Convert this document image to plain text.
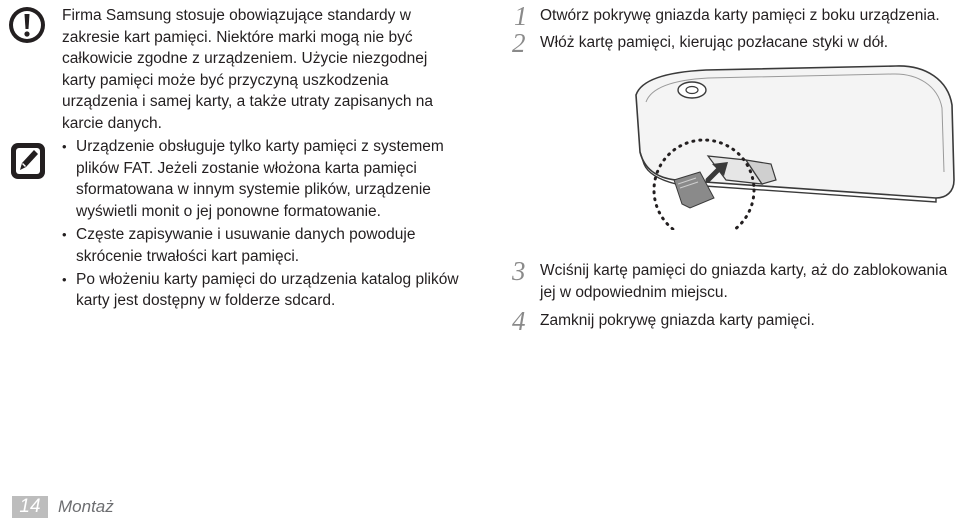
Firma Samsung stosuje obowiązujące standardy w zakresie kart pamięci. Niektóre marki mogą nie być całkowicie zgodne z urządzeniem. Użycie niezgodnej karty pamięci może być przyczyną uszkodzenia urządzenia i samej karty, a także utraty zapisanych na karcie danych.
• Urządzenie obsługuje tylko karty pamięci z systemem plików FAT. Jeżeli zostanie włożona karta pamięci sformatowana w innym systemie plików, urządzenie wyświetli monit o jej ponowne formatowanie.
• Częste zapisywanie i usuwanie danych powoduje skrócenie trwałości kart pamięci.
• Po włożeniu karty pamięci do urządzenia katalog plików karty jest dostępny w folderze sdcard.
1 Otwórz pokrywę gniazda karty pamięci z boku urządzenia.
2 Włóż kartę pamięci, kierując pozłacane styki w dół.
3 Wciśnij kartę pamięci do gniazda karty, aż do zablokowania jej w odpowiednim miejscu.
4 Zamknij pokrywę gniazda karty pamięci.
14	Montaż
